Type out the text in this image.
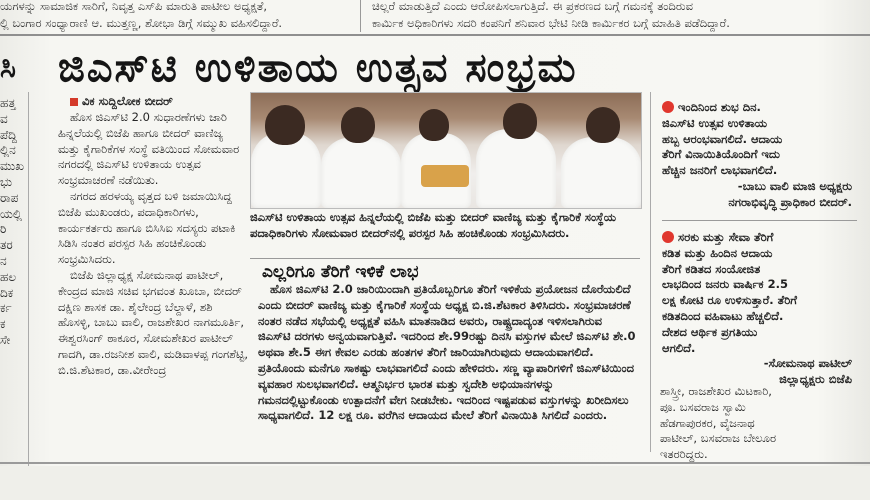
ಯಗಳನ್ನು ಸಾಮಾಜಿಕ ಸಾರಿಗೆ, ನಿವೃತ್ತ ಎಸ್‌ಪಿ ಮಾರುತಿ ಪಾಟೀಲ ಅಧ್ಯಕ್ಷತೆ,
ಲ್ಲಿ ಬಂಗಾರ ಸಂಧ್ಯಾರಾಣಿ ಆ. ಮುತ್ತಣ್ಣ, ಶೋಭಾ ಡಿಗ್ಗೆ ಸಮ್ಮುಖ ವಹಿಸಲಿದ್ದಾರೆ.
ಚಿಲ್ಲರೆ ಮಾಡುತ್ತಿದೆ ಎಂದು ಆರೋಪಿಸಲಾಗುತ್ತಿದೆ. ಈ ಪ್ರಕರಣದ ಬಗ್ಗೆ ಗಮನಕ್ಕೆ ತಂದಿರುವ
ಕಾರ್ಮಿಕ ಅಧಿಕಾರಿಗಳು ಸದರಿ ಕಂಪನಿಗೆ ಶನಿವಾರ ಭೇಟಿ ನೀಡಿ ಕಾರ್ಮಿಕರ ಬಗ್ಗೆ ಮಾಹಿತಿ ಪಡೆದಿದ್ದಾರೆ.
ಸಿ
ಹತ್ತ
ವ
ಪೆದ್ದಿ
ಲ್ಲಿನ
ಮುಖ
ಭು
ರಾಪ
ಯಲ್ಲಿ
ರಿ
ತರ
ನ
ಹಲ
ದಿಕ
ರ್ಕ
ಕ
ಸೇ
ಜಿಎಸ್‌ಟಿ ಉಳಿತಾಯ ಉತ್ಸವ ಸಂಭ್ರಮ
ವಿಕ ಸುದ್ದಿಲೋಕ ಬೀದರ್

ಹೊಸ ಜಿಎಸ್‌ಟಿ 2.0 ಸುಧಾರಣೆಗಳು ಜಾರಿ ಹಿನ್ನಲೆಯಲ್ಲಿ ಬಿಜೆಪಿ ಹಾಗೂ ಬೀದರ್ ವಾಣಿಜ್ಯ ಮತ್ತು ಕೈಗಾರಿಕೆಗಳ ಸಂಸ್ಥೆ ವತಿಯಿಂದ ಸೋಮವಾರ ನಗರದಲ್ಲಿ ಜಿಎಸ್‌ಟಿ ಉಳಿತಾಯ ಉತ್ಸವ ಸಂಭ್ರಮಾಚರಣೆ ನಡೆಯಿತು.

ನಗರದ ಹರಳಯ್ಯ ವೃತ್ತದ ಬಳಿ ಜಮಾಯಿಸಿದ್ದ ಬಿಜೆಪಿ ಮುಖಂಡರು, ಪದಾಧಿಕಾರಿಗಳು, ಕಾರ್ಯಕರ್ತರು ಹಾಗೂ ಬಿಸಿಸಿಐ ಸದಸ್ಯರು ಪಟಾಕಿ ಸಿಡಿಸಿ ನಂತರ ಪರಸ್ಪರ ಸಿಹಿ ಹಂಚಿಕೊಂಡು ಸಂಭ್ರಮಿಸಿದರು.

ಬಿಜೆಪಿ ಜಿಲ್ಲಾಧ್ಯಕ್ಷ ಸೋಮನಾಥ ಪಾಟೀಲ್, ಕೇಂದ್ರದ ಮಾಜಿ ಸಚಿವ ಭಗವಂತ ಖೂಬಾ, ಬೀದರ್ ದಕ್ಷಿಣ ಶಾಸಕ ಡಾ. ಶೈಲೇಂದ್ರ ಬೆಲ್ದಾಳೆ, ಶಶಿ ಹೊಸಳ್ಳಿ, ಬಾಬು ವಾಲಿ, ರಾಜಶೇಖರ ನಾಗಮೂರ್ತಿ, ಈಶ್ವರಸಿಂಗ್ ಠಾಕೂರ, ಸೋಮಶೇಖರ ಪಾಟೀಲ್ ಗಾದಗಿ, ಡಾ.ರಜನೀಶ ವಾಲಿ, ಮಡಿವಾಳಪ್ಪ ಗಂಗಶೆಟ್ಟಿ, ಬಿ.ಜಿ.ಶೆಟಕಾರ, ಡಾ.ವೀರೇಂದ್ರ

ಜಿಎಸ್‌ಟಿ ಉಳಿತಾಯ ಉತ್ಸವ ಹಿನ್ನಲೆಯಲ್ಲಿ ಬಿಜೆಪಿ ಮತ್ತು ಬೀದರ್ ವಾಣಿಜ್ಯ ಮತ್ತು ಕೈಗಾರಿಕೆ ಸಂಸ್ಥೆಯ ಪದಾಧಿಕಾರಿಗಳು ಸೋಮವಾರ ಬೀದರ್‌ನಲ್ಲಿ ಪರಸ್ಪರ ಸಿಹಿ ಹಂಚಿಕೊಂಡು ಸಂಭ್ರಮಿಸಿದರು.
ಎಲ್ಲರಿಗೂ ತೆರಿಗೆ ಇಳಿಕೆ ಲಾಭ

ಹೊಸ ಜಿಎಸ್‌ಟಿ 2.0 ಜಾರಿಯಿಂದಾಗಿ ಪ್ರತಿಯೊಬ್ಬರಿಗೂ ತೆರಿಗೆ ಇಳಿಕೆಯ ಪ್ರಯೋಜನ ದೊರೆಯಲಿದೆ ಎಂದು ಬೀದರ್ ವಾಣಿಜ್ಯ ಮತ್ತು ಕೈಗಾರಿಕೆ ಸಂಸ್ಥೆಯ ಅಧ್ಯಕ್ಷ ಬಿ.ಜಿ.ಶೆಟಕಾರ ತಿಳಿಸಿದರು. ಸಂಭ್ರಮಾಚರಣೆ ನಂತರ ನಡೆದ ಸಭೆಯಲ್ಲಿ ಅಧ್ಯಕ್ಷತೆ ವಹಿಸಿ ಮಾತನಾಡಿದ ಅವರು, ರಾಷ್ಟ್ರದಾದ್ಯಂತ ಇಳಿಸಲಾಗಿರುವ ಜಿಎಸ್‌ಟಿ ದರಗಳು ಅನ್ವಯವಾಗುತ್ತಿವೆ. ಇದರಿಂದ ಶೇ.99ರಷ್ಟು ದಿನಸಿ ವಸ್ತುಗಳ ಮೇಲೆ ಜಿಎಸ್‌ಟಿ ಶೇ.0 ಅಥವಾ ಶೇ.5 ಈಗ ಕೇವಲ ಎರಡು ಹಂತಗಳ ತೆರಿಗೆ ಜಾರಿಯಾಗಿರುವುದು ಆದಾಯವಾಗಲಿದೆ. ಪ್ರತಿಯೊಂದು ಮನೆಗೂ ಸಾಕಷ್ಟು ಲಾಭವಾಗಲಿದೆ ಎಂದು ಹೇಳಿದರು. ಸಣ್ಣ ವ್ಯಾಪಾರಿಗಳಿಗೆ ಜಿಎಸ್‌ಟಿಯಿಂದ ವ್ಯವಹಾರ ಸುಲಭವಾಗಲಿದೆ. ಆತ್ಮನಿರ್ಭರ ಭಾರತ ಮತ್ತು ಸ್ವದೇಶಿ ಅಭಿಯಾನಗಳನ್ನು ಗಮನದಲ್ಲಿಟ್ಟುಕೊಂಡು ಉತ್ಪಾದನೆಗೆ ವೇಗ ನೀಡಬೇಕು. ಇದರಿಂದ ಇಷ್ಟಪಡುವ ವಸ್ತುಗಳನ್ನು ಖರೀದಿಸಲು ಸಾಧ್ಯವಾಗಲಿದೆ. 12 ಲಕ್ಷ ರೂ. ವರೆಗಿನ ಆದಾಯದ ಮೇಲೆ ತೆರಿಗೆ ವಿನಾಯಿತಿ ಸಿಗಲಿದೆ ಎಂದರು.

ಇಂದಿನಿಂದ ಶುಭ ದಿನ.
ಜಿಎಸ್‌ಟಿ ಉತ್ಸವ ಉಳಿತಾಯ
ಹಬ್ಬ ಆರಂಭವಾಗಲಿದೆ. ಆದಾಯ
ತೆರಿಗೆ ವಿನಾಯಿತಿಯೊಂದಿಗೆ ಇದು
ಹೆಚ್ಚಿನ ಜನರಿಗೆ ಲಾಭವಾಗಲಿದೆ.
-ಬಾಬು ವಾಲಿ ಮಾಜಿ ಅಧ್ಯಕ್ಷರು
ನಗರಾಭಿವೃದ್ಧಿ ಪ್ರಾಧಿಕಾರ ಬೀದರ್.
ಸರಕು ಮತ್ತು ಸೇವಾ ತೆರಿಗೆ
ಕಡಿತ ಮತ್ತು ಹಿಂದಿನ ಆದಾಯ
ತೆರಿಗೆ ಕಡಿತದ ಸಂಯೋಜಿತ
ಲಾಭದಿಂದ ಜನರು ವಾರ್ಷಿಕ 2.5
ಲಕ್ಷ ಕೋಟಿ ರೂ ಉಳಿಸುತ್ತಾರೆ. ತೆರಿಗೆ
ಕಡಿತದಿಂದ ವಹಿವಾಟು ಹೆಚ್ಚಲಿದೆ.
ದೇಶದ ಆರ್ಥಿಕ ಪ್ರಗತಿಯು
ಆಗಲಿದೆ.
-ಸೋಮನಾಥ ಪಾಟೀಲ್
ಜಿಲ್ಲಾಧ್ಯಕ್ಷರು ಬಿಜೆಪಿ
ಶಾಸ್ತ್ರೀ, ರಾಜಶೇಖರ ಮಿಟಕಾರಿ,
ಪೂ. ಬಸವರಾಜ ಸ್ವಾಮಿ
ಹೆಡಗಾಪುರಕರ, ವೈಜನಾಥ
ಪಾಟೀಲ್, ಬಸವರಾಜ ಬೇಲೂರ
ಇತರರಿದ್ದರು.
